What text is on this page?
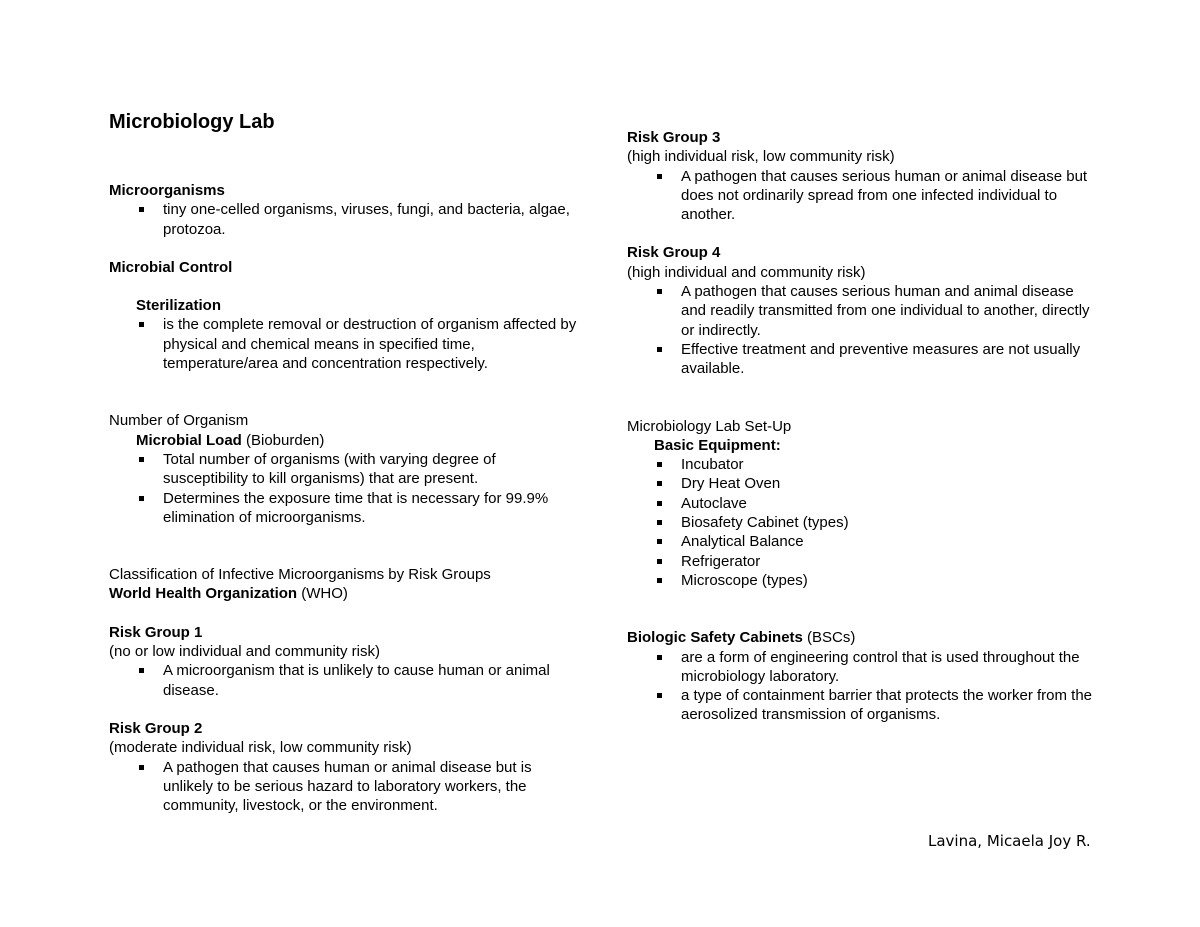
Microbiology Lab

Microorganisms

tiny one-celled organisms, viruses, fungi, and bacteria, algae, protozoa.

Microbial Control

Sterilization

is the complete removal or destruction of organism affected by physical and chemical means in specified time, temperature/area and concentration respectively.

Number of Organism

Microbial Load (Bioburden)

Total number of organisms (with varying degree of susceptibility to kill organisms) that are present.
Determines the exposure time that is necessary for 99.9% elimination of microorganisms.

Classification of Infective Microorganisms by Risk Groups

World Health Organization (WHO)

Risk Group 1

(no or low individual and community risk)

A microorganism that is unlikely to cause human or animal disease.

Risk Group 2

(moderate individual risk, low community risk)

A pathogen that causes human or animal disease but is unlikely to be serious hazard to laboratory workers, the community, livestock, or the environment.

Risk Group 3

(high individual risk, low community risk)

A pathogen that causes serious human or animal disease but does not ordinarily spread from one infected individual to another.

Risk Group 4

(high individual and community risk)

A pathogen that causes serious human and animal disease and readily transmitted from one individual to another, directly or indirectly.
Effective treatment and preventive measures are not usually available.

Microbiology Lab Set-Up

Basic Equipment:

Incubator
Dry Heat Oven
Autoclave
Biosafety Cabinet (types)
Analytical Balance
Refrigerator
Microscope (types)

Biologic Safety Cabinets (BSCs)

are a form of engineering control that is used throughout the microbiology laboratory.
a type of containment barrier that protects the worker from the aerosolized transmission of organisms.
Lavina, Micaela Joy R.
